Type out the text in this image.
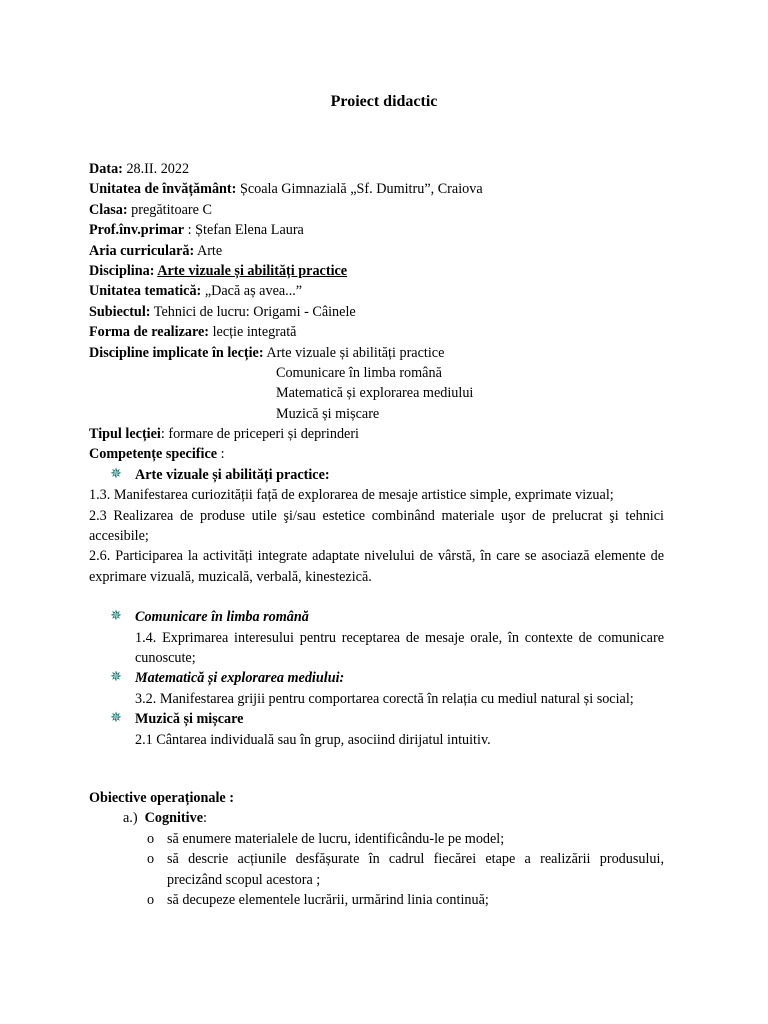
Proiect didactic
Data: 28.II. 2022
Unitatea de învățământ: Școala Gimnazială „Sf. Dumitru”, Craiova
Clasa: pregătitoare C
Prof.înv.primar : Ștefan Elena Laura
Aria curriculară: Arte
Disciplina: Arte vizuale și abilități practice
Unitatea tematică: „Dacă aș avea...”
Subiectul: Tehnici de lucru: Origami - Câinele
Forma de realizare: lecție integrată
Discipline implicate în lecție: Arte vizuale și abilități practice
Comunicare în limba română
Matematică și explorarea mediului
Muzică și mișcare
Tipul lecției: formare de priceperi și deprinderi
Competențe specifice :
✵ Arte vizuale și abilități practice:
1.3. Manifestarea curiozității față de explorarea de mesaje artistice simple, exprimate vizual;
2.3 Realizarea de produse utile şi/sau estetice combinând materiale uşor de prelucrat şi tehnici accesibile;
2.6. Participarea la activități integrate adaptate nivelului de vârstă, în care se asociază elemente de exprimare vizuală, muzicală, verbală, kinestezică.
✵ Comunicare în limba română
1.4. Exprimarea interesului pentru receptarea de mesaje orale, în contexte de comunicare cunoscute;
✵ Matematică și explorarea mediului:
3.2. Manifestarea grijii pentru comportarea corectă în relația cu mediul natural și social;
✵ Muzică și mișcare
2.1 Cântarea individuală sau în grup, asociind dirijatul intuitiv.
Obiective operaționale :
a.) Cognitive:
o să enumere materialele de lucru, identificându-le pe model;
o să descrie acțiunile desfășurate în cadrul fiecărei etape a realizării produsului, precizând scopul acestora ;
o să decupeze elementele lucrării, urmărind linia continuă;
